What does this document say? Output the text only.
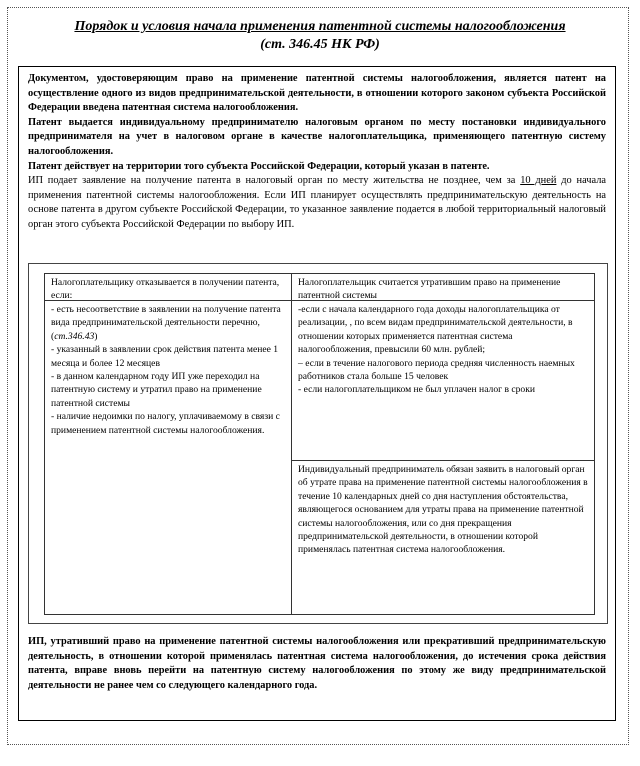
Порядок и условия начала применения патентной системы налогообложения
(ст. 346.45 НК РФ)

Документом, удостоверяющим право на применение патентной системы налогообложения, является патент на осуществление одного из видов предпринимательской деятельности, в отношении которого законом субъекта Российской Федерации введена патентная система налогообложения.

Патент выдается индивидуальному предпринимателю налоговым органом по месту постановки индивидуального предпринимателя на учет в налоговом органе в качестве налогоплательщика, применяющего патентную систему налогообложения.

Патент действует на территории того субъекта Российской Федерации, который указан в патенте.

ИП подает заявление на получение патента в налоговый орган по месту жительства не позднее, чем за 10 дней до начала применения патентной системы налогообложения. Если ИП планирует осуществлять предпринимательскую деятельность на основе патента в другом субъекте Российской Федерации, то указанное заявление подается в любой территориальный налоговый орган этого субъекта Российской Федерации по выбору ИП.

Налогоплательщику отказывается в получении патента, если:

Налогоплательщик считается утратившим право на применение патентной системы

- есть несоответствие в заявлении на получение патента вида предпринимательской деятельности перечню, (ст.346.43)

- указанный в заявлении срок действия патента менее 1 месяца и более 12 месяцев

- в данном календарном году ИП уже переходил на патентную систему и утратил право на применение патентной системы

- наличие недоимки по налогу, уплачиваемому в связи с применением патентной системы налогообложения.

-если с начала календарного года доходы налогоплательщика от реализации, , по всем видам предпринимательской деятельности, в отношении которых применяется патентная система налогообложения, превысили 60 млн. рублей;

– если в течение налогового периода средняя численность наемных работников стала больше 15 человек

- если налогоплательщиком не был уплачен налог в сроки

Индивидуальный предприниматель обязан заявить в налоговый орган об утрате права на применение патентной системы налогообложения в течение 10 календарных дней со дня наступления обстоятельства, являющегося основанием для утраты права на применение патентной системы налогообложения, или со дня прекращения предпринимательской деятельности, в отношении которой применялась патентная система налогообложения.

ИП, утративший право на применение патентной системы налогообложения или прекративший предпринимательскую деятельность, в отношении которой применялась патентная система налогообложения, до истечения срока действия патента, вправе вновь перейти на патентную систему налогообложения по этому же виду предпринимательской деятельности не ранее чем со следующего календарного года.
